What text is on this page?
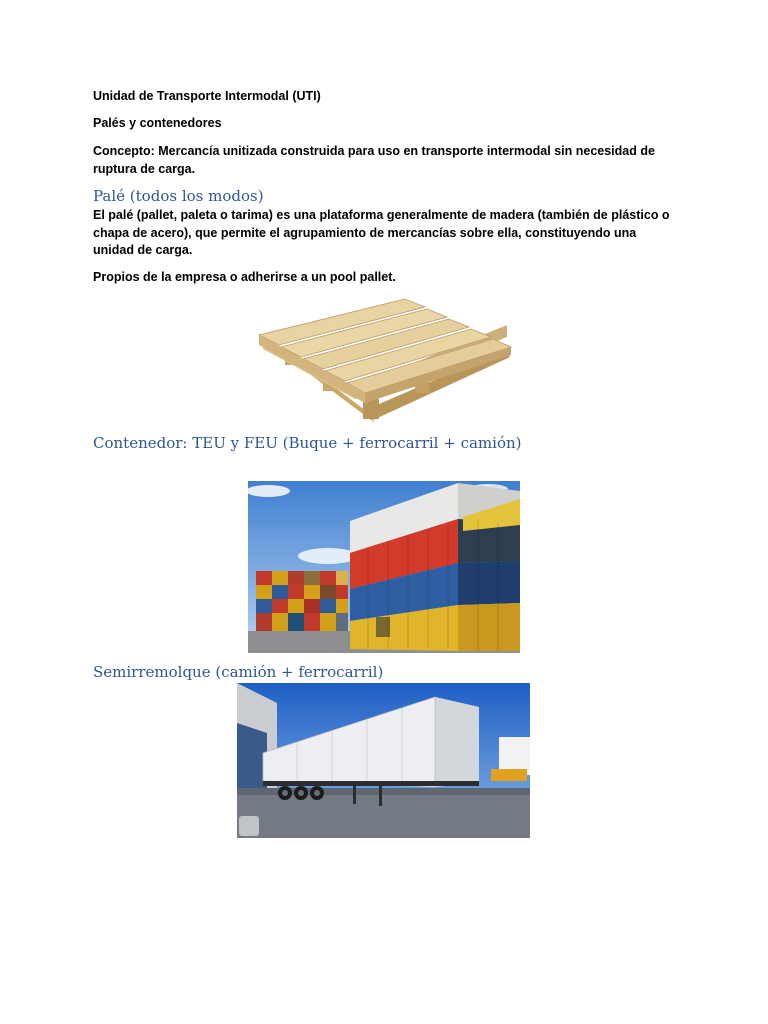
Unidad de Transporte Intermodal (UTI)
Palés y contenedores
Concepto: Mercancía unitizada construida para uso en transporte intermodal sin necesidad de ruptura de carga.
Palé (todos los modos)
El palé (pallet, paleta o tarima) es una plataforma generalmente de madera (también de plástico o chapa de acero), que permite el agrupamiento de mercancías sobre ella, constituyendo una unidad de carga.
Propios de la empresa o adherirse a un pool pallet.
Contenedor: TEU y FEU (Buque + ferrocarril + camión)
Semirremolque (camión + ferrocarril)
